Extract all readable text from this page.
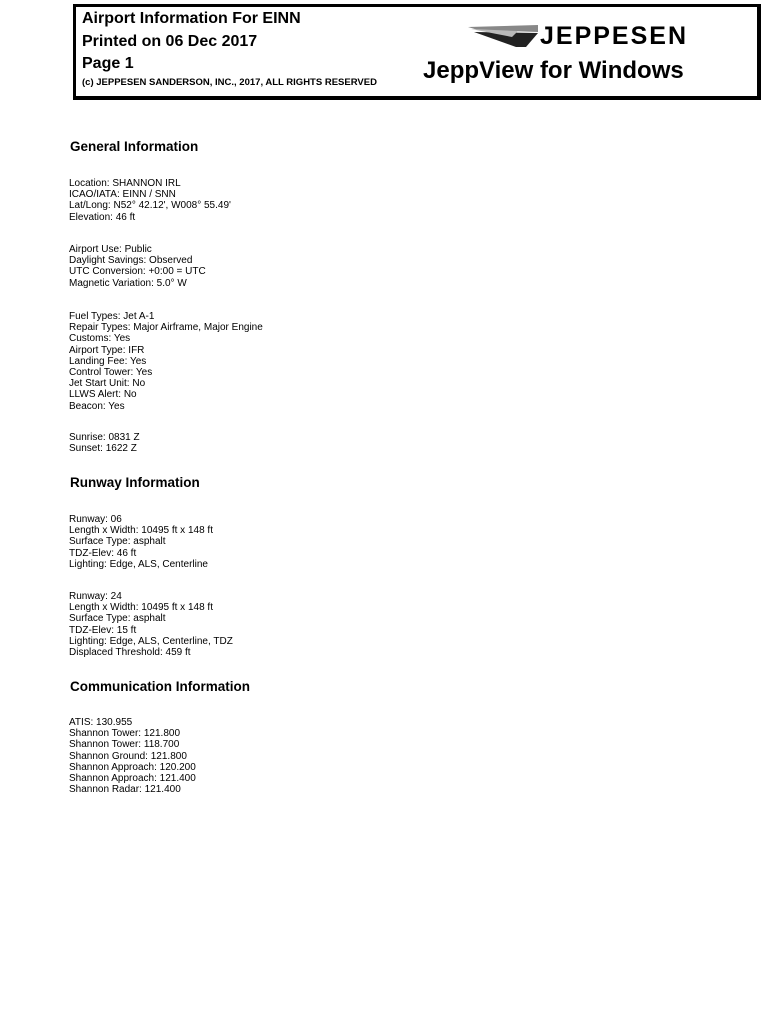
Airport Information For EINN
Printed on 06 Dec 2017
Page 1
(c) JEPPESEN SANDERSON, INC., 2017, ALL RIGHTS RESERVED
JEPPESEN
JeppView for Windows
General Information
Location: SHANNON IRL
ICAO/IATA: EINN / SNN
Lat/Long: N52° 42.12', W008° 55.49'
Elevation: 46 ft
Airport Use: Public
Daylight Savings: Observed
UTC Conversion: +0:00 = UTC
Magnetic Variation: 5.0° W
Fuel Types: Jet A-1
Repair Types: Major Airframe, Major Engine
Customs: Yes
Airport Type: IFR
Landing Fee: Yes
Control Tower: Yes
Jet Start Unit: No
LLWS Alert: No
Beacon: Yes
Sunrise: 0831 Z
Sunset: 1622 Z
Runway Information
Runway: 06
Length x Width: 10495 ft x 148 ft
Surface Type: asphalt
TDZ-Elev: 46 ft
Lighting: Edge, ALS, Centerline
Runway: 24
Length x Width: 10495 ft x 148 ft
Surface Type: asphalt
TDZ-Elev: 15 ft
Lighting: Edge, ALS, Centerline, TDZ
Displaced Threshold: 459 ft
Communication Information
ATIS: 130.955
Shannon Tower: 121.800
Shannon Tower: 118.700
Shannon Ground: 121.800
Shannon Approach: 120.200
Shannon Approach: 121.400
Shannon Radar: 121.400
